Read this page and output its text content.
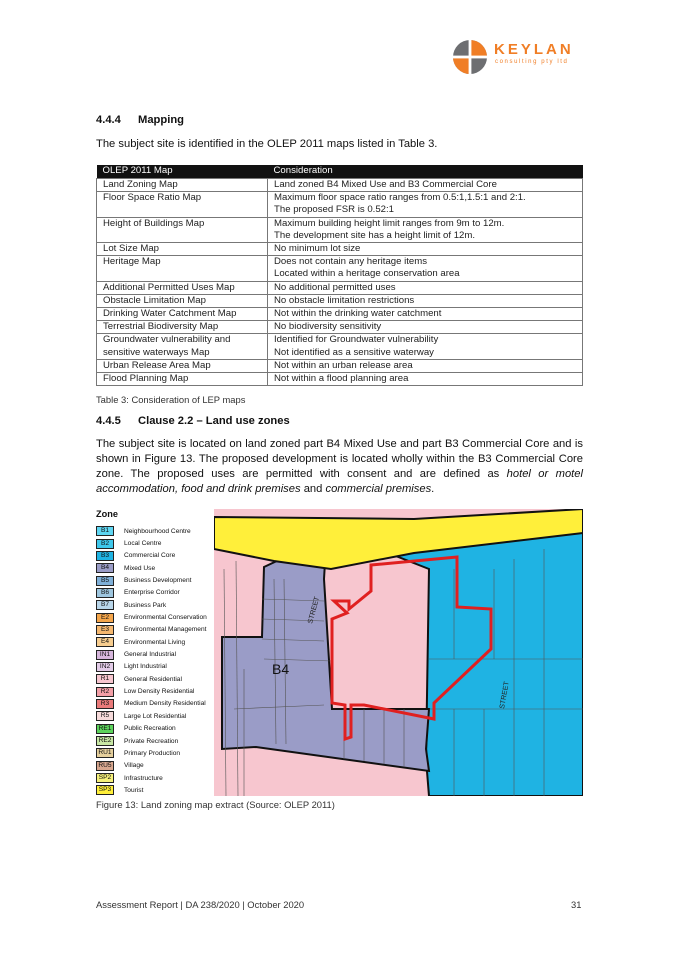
KEYLAN
consulting pty ltd
4.4.4 Mapping

The subject site is identified in the OLEP 2011 maps listed in Table 3.

OLEP 2011 Map	Consideration
Land Zoning Map	Land zoned B4 Mixed Use and B3 Commercial Core

Floor Space Ratio Map	Maximum floor space ratio ranges from 0.5:1,1.5:1 and 2:1.
The proposed FSR is 0.52:1

Height of Buildings Map	Maximum building height limit ranges from 9m to 12m.
The development site has a height limit of 12m.

Lot Size Map	No minimum lot size

Heritage Map	Does not contain any heritage items
Located within a heritage conservation area

Additional Permitted Uses Map	No additional permitted uses

Obstacle Limitation Map	No obstacle limitation restrictions

Drinking Water Catchment Map	Not within the drinking water catchment

Terrestrial Biodiversity Map	No biodiversity sensitivity

Groundwater vulnerability and sensitive waterways Map	Identified for Groundwater vulnerability
Not identified as a sensitive waterway

Urban Release Area Map	Not within an urban release area

Flood Planning Map	Not within a flood planning area
Table 3: Consideration of LEP maps
4.4.5 Clause 2.2 – Land use zones

The subject site is located on land zoned part B4 Mixed Use and part B3 Commercial Core and is shown in Figure 13. The proposed development is located wholly within the B3 Commercial Core zone. The proposed uses are permitted with consent and are defined as hotel or motel accommodation, food and drink premises and commercial premises.

Zone
B1	Neighbourhood Centre
B2	Local Centre
B3	Commercial Core
B4	Mixed Use
B5	Business Development
B6	Enterprise Corridor
B7	Business Park
E2	Environmental Conservation
E3	Environmental Management
E4	Environmental Living
IN1	General Industrial
IN2	Light Industrial
R1	General Residential
R2	Low Density Residential
R3	Medium Density Residential
R5	Large Lot Residential
RE1	Public Recreation
RE2	Private Recreation
RU1	Primary Production
RU5	Village
SP2	Infrastructure
SP3	Tourist
B4
STREET
STREET
Figure 13: Land zoning map extract (Source: OLEP 2011)
Assessment Report | DA 238/2020 | October 2020	31
